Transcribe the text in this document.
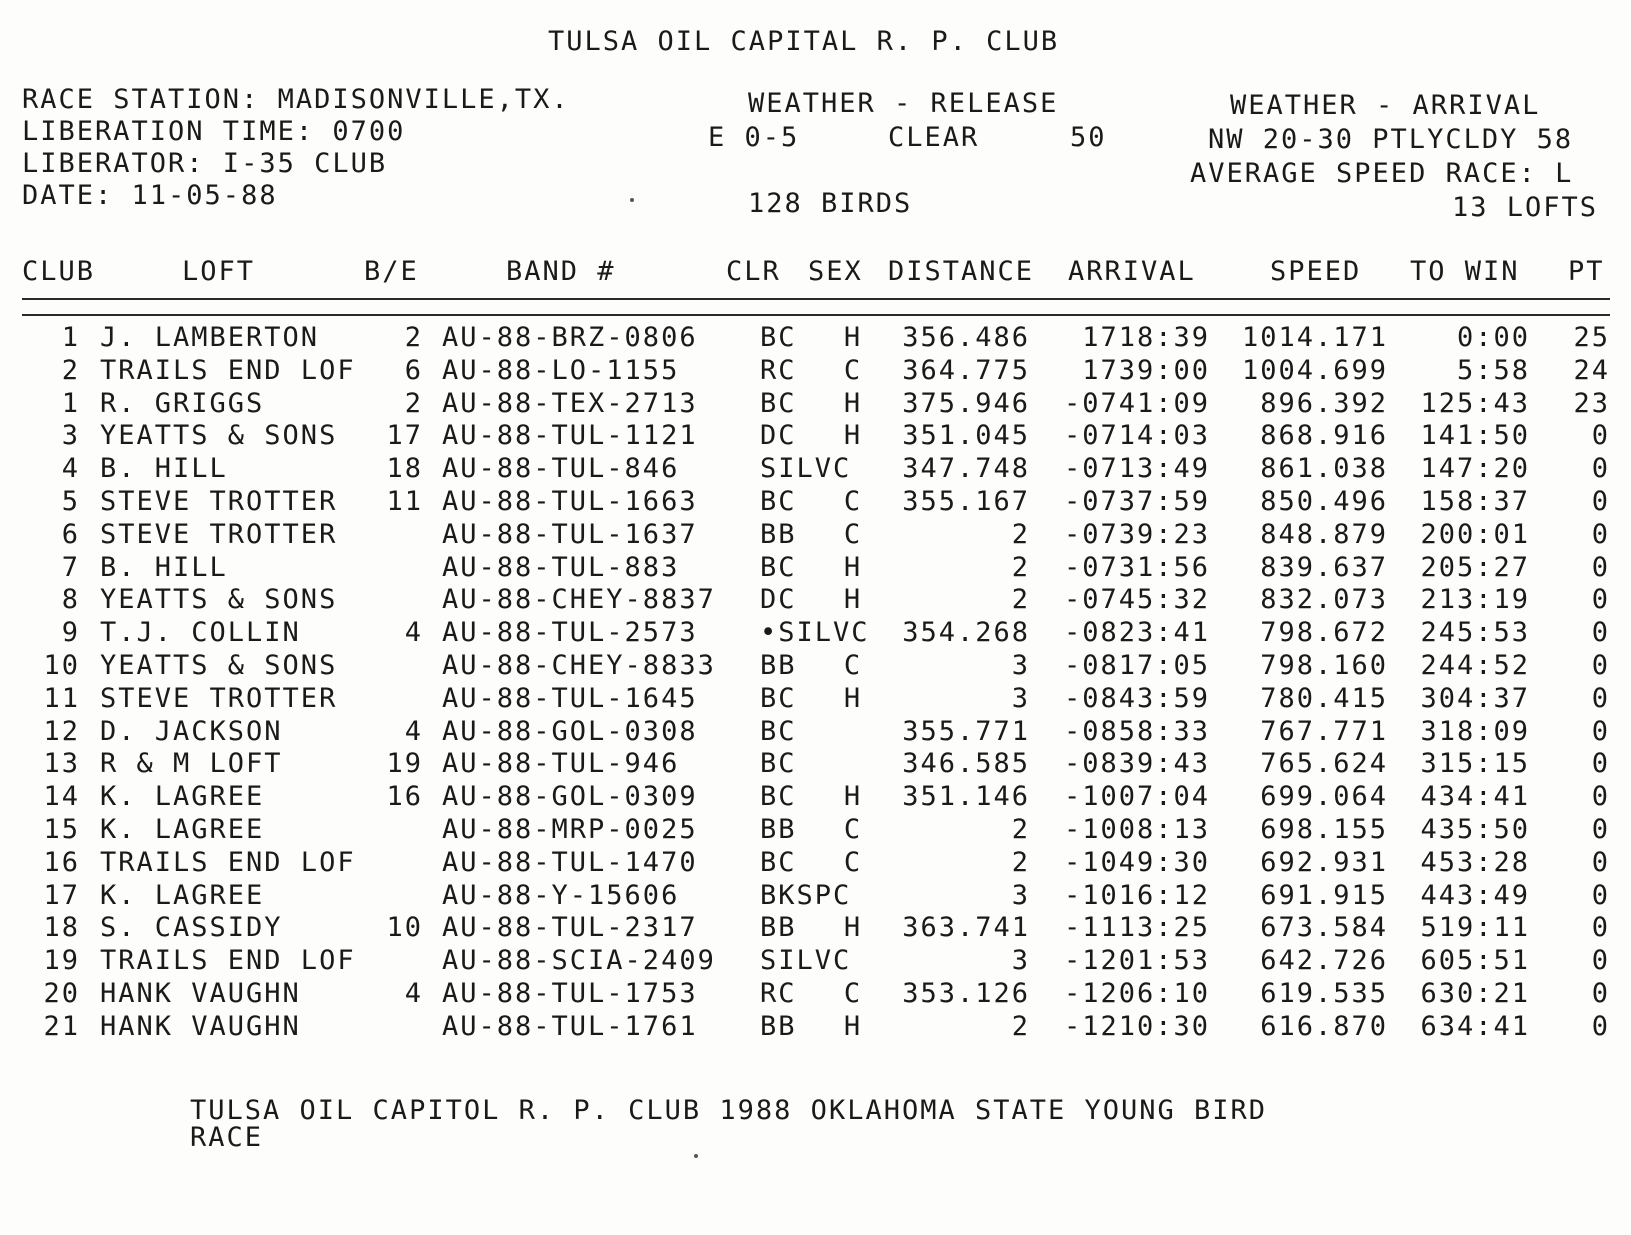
TULSA OIL CAPITAL R. P. CLUB
RACE STATION: MADISONVILLE,TX.
LIBERATION TIME: 0700
LIBERATOR: I-35 CLUB
DATE: 11-05-88
WEATHER - RELEASE
E 0-5	CLEAR	50
128 BIRDS
WEATHER - ARRIVAL
NW 20-30 PTLYCLDY 58
AVERAGE SPEED RACE: L
13 LOFTS
CLUB	LOFT	B/E	BAND #	CLR SEX DISTANCE ARRIVAL	SPEED TO WIN PT
1 J. LAMBERTON	2 AU-88-BRZ-0806 BC H	356.486	1718:39	1014.171	0:00	25
2 TRAILS END LOF	6 AU-88-LO-1155	RC C	364.775	1739:00	1004.699	5:58	24
1 R. GRIGGS	2 AU-88-TEX-2713 BC H	375.946	-0741:09	896.392	125:43	23
3 YEATTS & SONS	17 AU-88-TUL-1121 DC H	351.045	-0714:03	868.916	141:50	0
4 B. HILL	18 AU-88-TUL-846	SILVC	347.748	-0713:49	861.038	147:20	0
5 STEVE TROTTER	11 AU-88-TUL-1663 BC C	355.167	-0737:59	850.496	158:37	0
6 STEVE TROTTER	AU-88-TUL-1637 BB C	2	-0739:23	848.879	200:01	0
7 B. HILL	AU-88-TUL-883	BC H	2	-0731:56	839.637	205:27	0
8 YEATTS & SONS	AU-88-CHEY-8837 DC H	2	-0745:32	832.073	213:19	0
9 T.J. COLLIN	4 AU-88-TUL-2573 •SILVC	354.268	-0823:41	798.672	245:53	0
10 YEATTS & SONS	AU-88-CHEY-8833 BB C	3	-0817:05	798.160	244:52	0
11 STEVE TROTTER	AU-88-TUL-1645 BC H	3	-0843:59	780.415	304:37	0
12 D. JACKSON	4 AU-88-GOL-0308 BC	355.771	-0858:33	767.771	318:09	0
13 R & M LOFT	19 AU-88-TUL-946	BC	346.585	-0839:43	765.624	315:15	0
14 K. LAGREE	16 AU-88-GOL-0309 BC H	351.146	-1007:04	699.064	434:41	0
15 K. LAGREE	AU-88-MRP-0025 BB C	2	-1008:13	698.155	435:50	0
16 TRAILS END LOF	AU-88-TUL-1470 BC C	2	-1049:30	692.931	453:28	0
17 K. LAGREE	AU-88-Y-15606	BKSPC	3	-1016:12	691.915	443:49	0
18 S. CASSIDY	10 AU-88-TUL-2317 BB H	363.741	-1113:25	673.584	519:11	0
19 TRAILS END LOF	AU-88-SCIA-2409 SILVC	3	-1201:53	642.726	605:51	0
20 HANK VAUGHN	4 AU-88-TUL-1753 RC C	353.126	-1206:10	619.535	630:21	0
21 HANK VAUGHN	AU-88-TUL-1761 BB H	2	-1210:30	616.870	634:41	0
TULSA OIL CAPITOL R. P. CLUB 1988 OKLAHOMA STATE YOUNG BIRD
RACE
